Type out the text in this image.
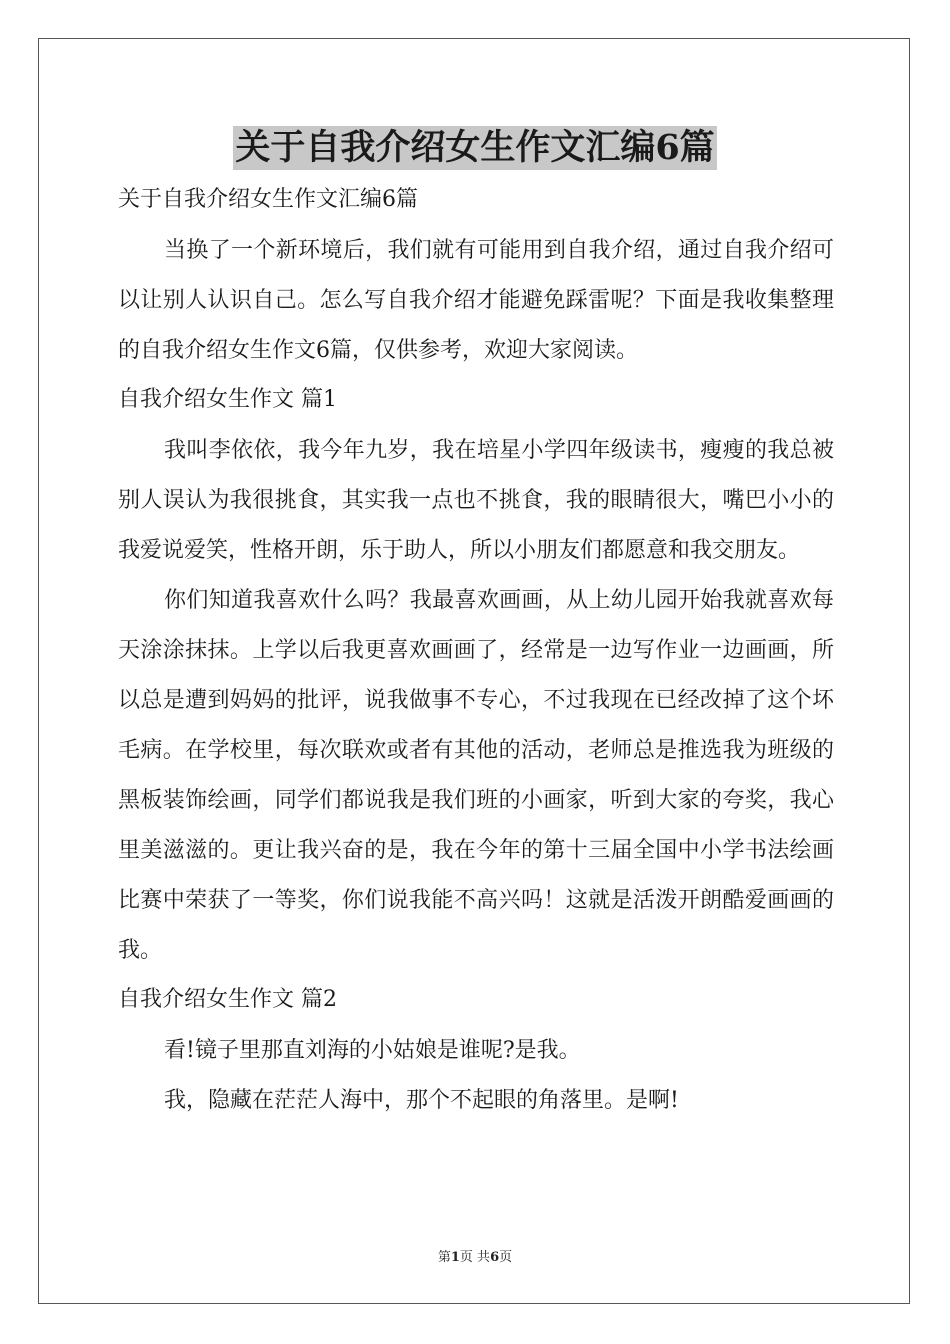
关于自我介绍女生作文汇编6篇

关于自我介绍女生作文汇编6篇

当换了一个新环境后，我们就有可能用到自我介绍，通过自我介绍可以让别人认识自己。怎么写自我介绍才能避免踩雷呢？下面是我收集整理的自我介绍女生作文6篇，仅供参考，欢迎大家阅读。

自我介绍女生作文 篇1

我叫李依依，我今年九岁，我在培星小学四年级读书，瘦瘦的我总被别人误认为我很挑食，其实我一点也不挑食，我的眼睛很大，嘴巴小小的我爱说爱笑，性格开朗，乐于助人，所以小朋友们都愿意和我交朋友。

你们知道我喜欢什么吗？我最喜欢画画，从上幼儿园开始我就喜欢每天涂涂抹抹。上学以后我更喜欢画画了，经常是一边写作业一边画画，所以总是遭到妈妈的批评，说我做事不专心，不过我现在已经改掉了这个坏毛病。在学校里，每次联欢或者有其他的活动，老师总是推选我为班级的黑板装饰绘画，同学们都说我是我们班的小画家，听到大家的夸奖，我心里美滋滋的。更让我兴奋的是，我在今年的第十三届全国中小学书法绘画比赛中荣获了一等奖，你们说我能不高兴吗！这就是活泼开朗酷爱画画的我。

自我介绍女生作文 篇2

看!镜子里那直刘海的小姑娘是谁呢?是我。

我，隐藏在茫茫人海中，那个不起眼的角落里。是啊!

第1页 共6页
